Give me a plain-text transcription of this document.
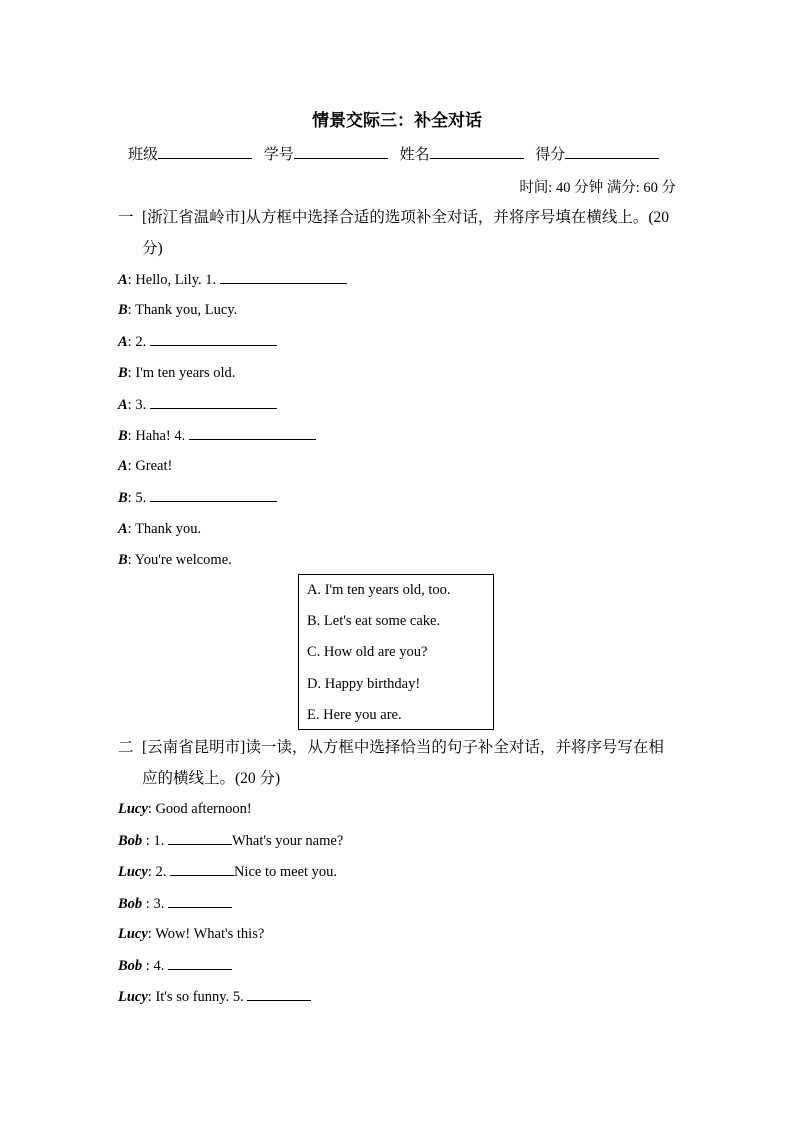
情景交际三：补全对话
班级	学号	姓名	得分
时间: 40 分钟 满分: 60 分
一 [浙江省温岭市]从方框中选择合适的选项补全对话，并将序号填在横线上。(20
分)
A: Hello, Lily. 1.
B: Thank you, Lucy.
A: 2.
B: I'm ten years old.
A: 3.
B: Haha! 4.
A: Great!
B: 5.
A: Thank you.
B: You're welcome.
A. I'm ten years old, too.
B. Let's eat some cake.
C. How old are you?
D. Happy birthday!
E. Here you are.
二 [云南省昆明市]读一读，从方框中选择恰当的句子补全对话，并将序号写在相
应的横线上。(20 分)
Lucy: Good afternoon!
Bob : 1.	What's your name?
Lucy: 2.	Nice to meet you.
Bob : 3.
Lucy: Wow! What's this?
Bob : 4.
Lucy: It's so funny. 5.
